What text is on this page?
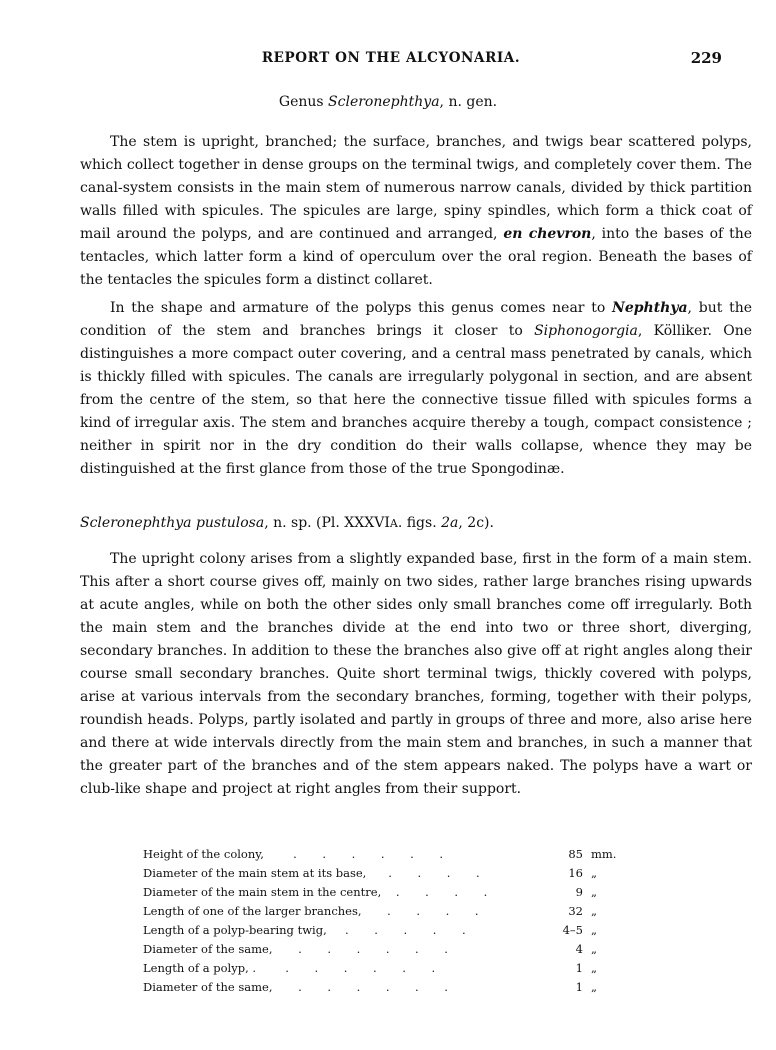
REPORT ON THE ALCYONARIA.	229
Genus Scleronephthya, n. gen.

The stem is upright, branched; the surface, branches, and twigs bear scattered polyps, which collect together in dense groups on the terminal twigs, and completely cover them. The canal-system consists in the main stem of numerous narrow canals, divided by thick partition walls filled with spicules. The spicules are large, spiny spindles, which form a thick coat of mail around the polyps, and are continued and arranged, en chevron, into the bases of the tentacles, which latter form a kind of operculum over the oral region. Beneath the bases of the tentacles the spicules form a distinct collaret.

In the shape and armature of the polyps this genus comes near to Nephthya, but the condition of the stem and branches brings it closer to Siphonogorgia, Kölliker. One distinguishes a more compact outer covering, and a central mass penetrated by canals, which is thickly filled with spicules. The canals are irregularly polygonal in section, and are absent from the centre of the stem, so that here the connective tissue filled with spicules forms a kind of irregular axis. The stem and branches acquire thereby a tough, compact consistence ; neither in spirit nor in the dry condition do their walls collapse, whence they may be distinguished at the first glance from those of the true Spongodinæ.

Scleronephthya pustulosa, n. sp. (Pl. XXXVIA. figs. 2a, 2c).

The upright colony arises from a slightly expanded base, first in the form of a main stem. This after a short course gives off, mainly on two sides, rather large branches rising upwards at acute angles, while on both the other sides only small branches come off irregularly. Both the main stem and the branches divide at the end into two or three short, diverging, secondary branches. In addition to these the branches also give off at right angles along their course small secondary branches. Quite short terminal twigs, thickly covered with polyps, arise at various intervals from the secondary branches, forming, together with their polyps, roundish heads. Polyps, partly isolated and partly in groups of three and more, also arise here and there at wide intervals directly from the main stem and branches, in such a manner that the greater part of the branches and of the stem appears naked. The polyps have a wart or club-like shape and project at right angles from their support.

Height of the colony,        .       .       .       .       .       .	85	mm.
Diameter of the main stem at its base,      .       .       .       .	16	„
Diameter of the main stem in the centre,    .       .       .       .	9	„
Length of one of the larger branches,       .       .       .       .	32	„
Length of a polyp-bearing twig,     .       .       .       .       .	4–5	„
Diameter of the same,       .       .       .       .       .       .	4	„
Length of a polyp, .        .       .       .       .       .       .	1	„
Diameter of the same,       .       .       .       .       .       .	1	„
